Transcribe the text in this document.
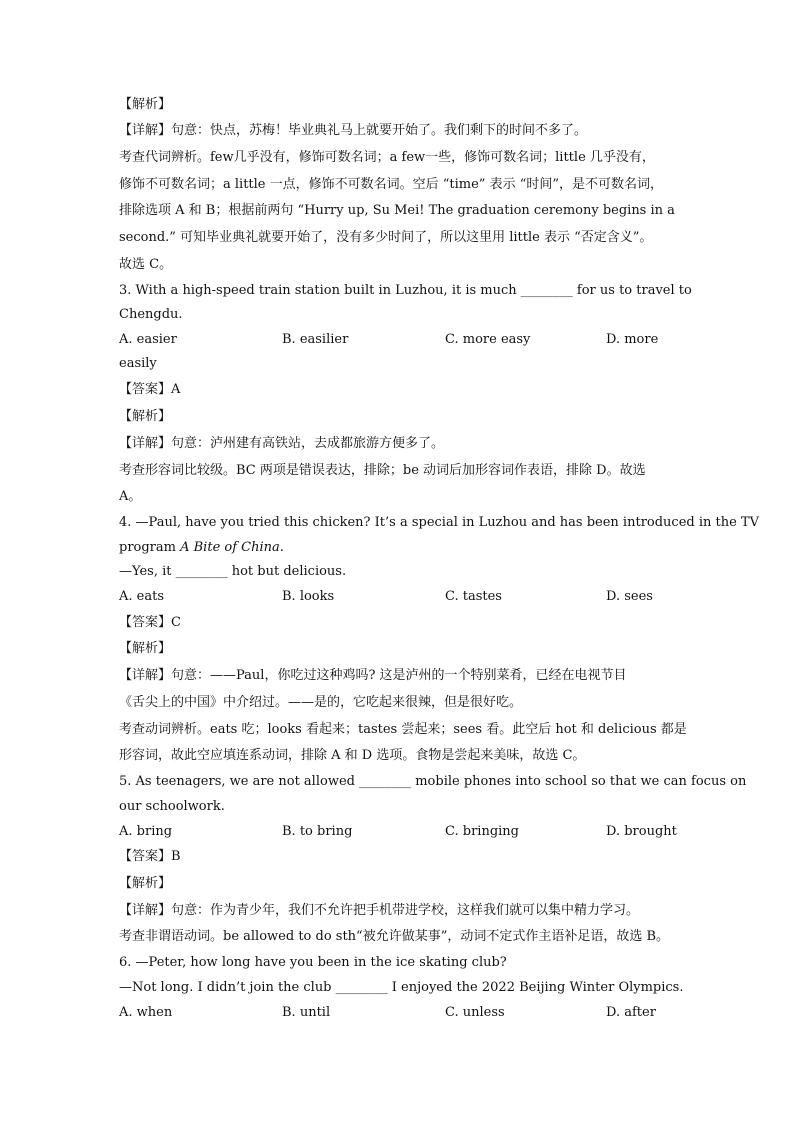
【解析】

【详解】句意：快点，苏梅！毕业典礼马上就要开始了。我们剩下的时间不多了。

考查代词辨析。few几乎没有，修饰可数名词；a few一些，修饰可数名词；little 几乎没有，

修饰不可数名词；a little 一点，修饰不可数名词。空后 “time” 表示 “时间”，是不可数名词，

排除选项 A 和 B；根据前两句 “Hurry up, Su Mei! The graduation ceremony begins in a

second.” 可知毕业典礼就要开始了，没有多少时间了，所以这里用 little 表示 “否定含义”。

故选 C。

3. With a high-speed train station built in Luzhou, it is much ________ for us to travel to

Chengdu.

A. easier	B. easilier	C. more easy	D. more

easily

【答案】A

【解析】

【详解】句意：泸州建有高铁站，去成都旅游方便多了。

考查形容词比较级。BC 两项是错误表达，排除；be 动词后加形容词作表语，排除 D。故选

A。

4. —Paul, have you tried this chicken? It’s a special in Luzhou and has been introduced in the TV

program A Bite of China.

—Yes, it ________ hot but delicious.

A. eats	B. looks	C. tastes	D. sees

【答案】C

【解析】

【详解】句意：——Paul，你吃过这种鸡吗? 这是泸州的一个特别菜肴，已经在电视节目

《舌尖上的中国》中介绍过。——是的，它吃起来很辣，但是很好吃。

考查动词辨析。eats 吃；looks 看起来；tastes 尝起来；sees 看。此空后 hot 和 delicious 都是

形容词，故此空应填连系动词，排除 A 和 D 选项。食物是尝起来美味，故选 C。

5. As teenagers, we are not allowed ________ mobile phones into school so that we can focus on

our schoolwork.

A. bring	B. to bring	C. bringing	D. brought

【答案】B

【解析】

【详解】句意：作为青少年，我们不允许把手机带进学校，这样我们就可以集中精力学习。

考查非谓语动词。be allowed to do sth“被允许做某事”，动词不定式作主语补足语，故选 B。

6. —Peter, how long have you been in the ice skating club?

—Not long. I didn’t join the club ________ I enjoyed the 2022 Beijing Winter Olympics.

A. when	B. until	C. unless	D. after
